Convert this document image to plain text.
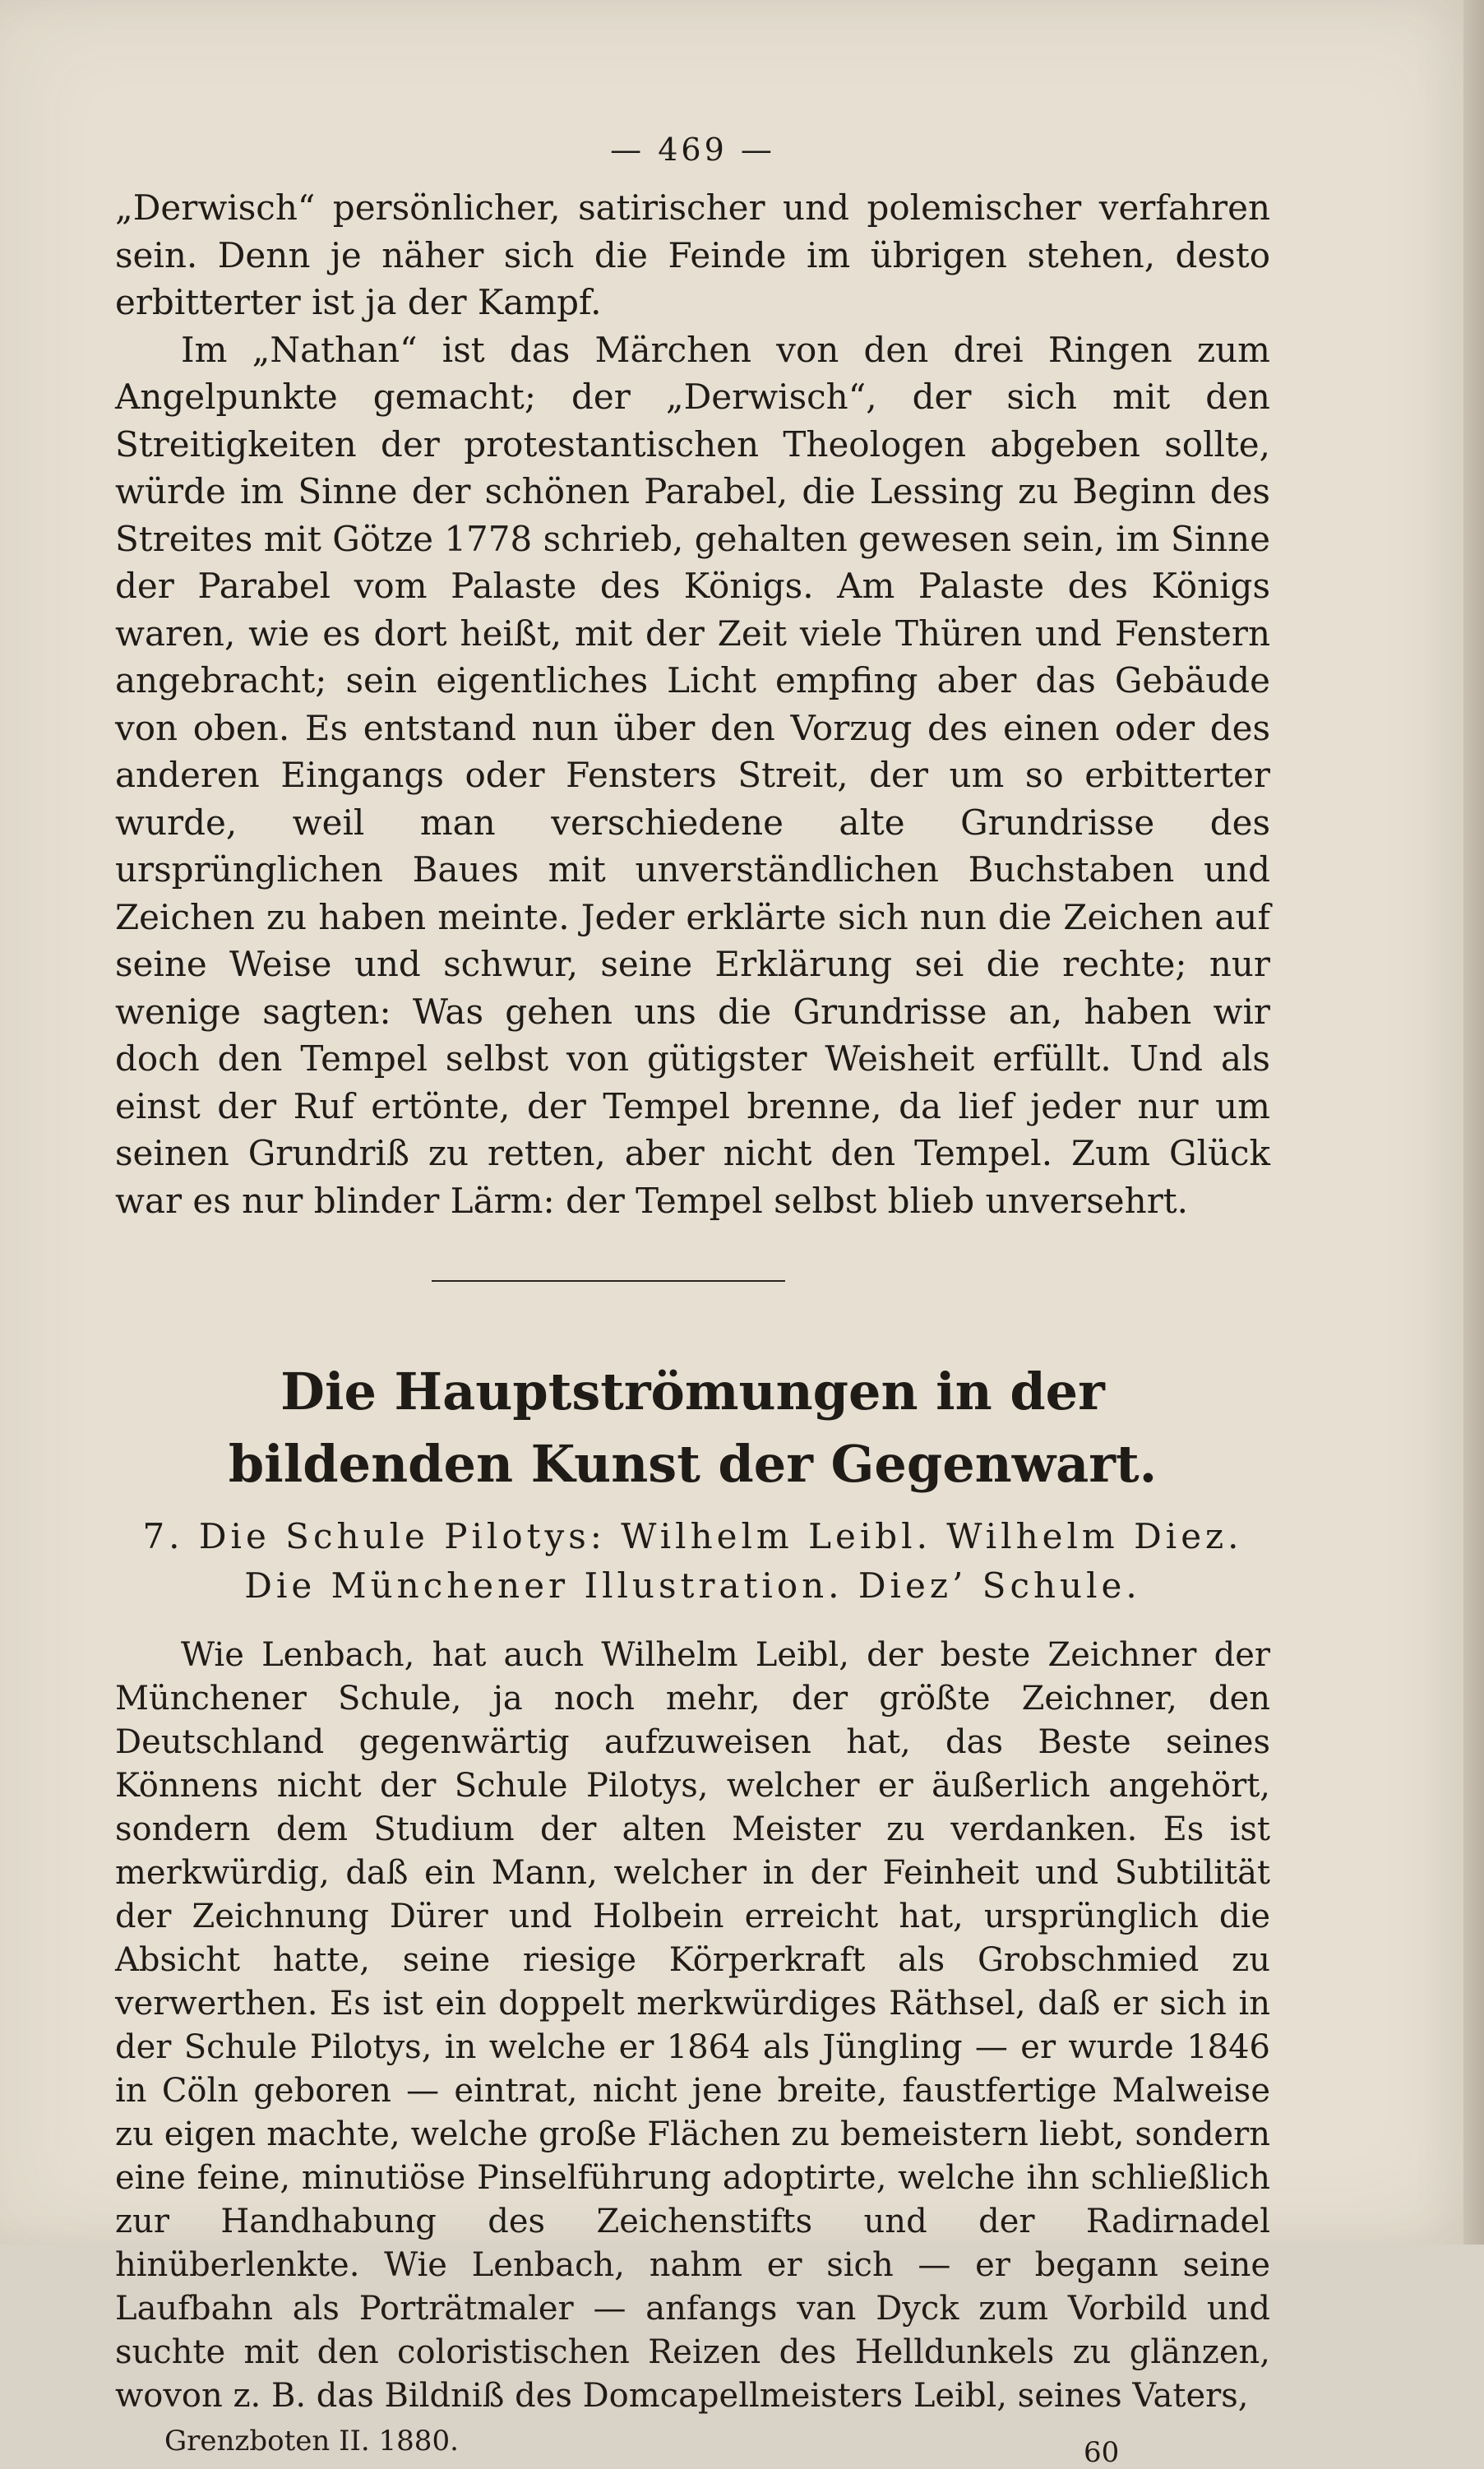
— 469 —

„Derwisch“ persönlicher, satirischer und polemischer verfahren sein. Denn je näher sich die Feinde im übrigen stehen, desto erbitterter ist ja der Kampf.

Im „Nathan“ ist das Märchen von den drei Ringen zum Angelpunkte gemacht; der „Derwisch“, der sich mit den Streitigkeiten der protestantischen Theologen abgeben sollte, würde im Sinne der schönen Parabel, die Lessing zu Beginn des Streites mit Götze 1778 schrieb, gehalten gewesen sein, im Sinne der Parabel vom Palaste des Königs. Am Palaste des Königs waren, wie es dort heißt, mit der Zeit viele Thüren und Fenstern angebracht; sein eigentliches Licht empfing aber das Gebäude von oben. Es entstand nun über den Vorzug des einen oder des anderen Eingangs oder Fensters Streit, der um so erbitterter wurde, weil man verschiedene alte Grundrisse des ursprünglichen Baues mit unverständlichen Buchstaben und Zeichen zu haben meinte. Jeder erklärte sich nun die Zeichen auf seine Weise und schwur, seine Erklärung sei die rechte; nur wenige sagten: Was gehen uns die Grundrisse an, haben wir doch den Tempel selbst von gütigster Weisheit erfüllt. Und als einst der Ruf ertönte, der Tempel brenne, da lief jeder nur um seinen Grundriß zu retten, aber nicht den Tempel. Zum Glück war es nur blinder Lärm: der Tempel selbst blieb unversehrt.

Die Hauptströmungen in der bildenden Kunst der Gegenwart.
7. Die Schule Pilotys: Wilhelm Leibl. Wilhelm Diez. Die Münchener Illustration. Diez’ Schule.

Wie Lenbach, hat auch Wilhelm Leibl, der beste Zeichner der Münchener Schule, ja noch mehr, der größte Zeichner, den Deutschland gegenwärtig aufzuweisen hat, das Beste seines Könnens nicht der Schule Pilotys, welcher er äußerlich angehört, sondern dem Studium der alten Meister zu verdanken. Es ist merkwürdig, daß ein Mann, welcher in der Feinheit und Subtilität der Zeichnung Dürer und Holbein erreicht hat, ursprünglich die Absicht hatte, seine riesige Körperkraft als Grobschmied zu verwerthen. Es ist ein doppelt merkwürdiges Räthsel, daß er sich in der Schule Pilotys, in welche er 1864 als Jüngling — er wurde 1846 in Cöln geboren — eintrat, nicht jene breite, faustfertige Malweise zu eigen machte, welche große Flächen zu bemeistern liebt, sondern eine feine, minutiöse Pinselführung adoptirte, welche ihn schließlich zur Handhabung des Zeichenstifts und der Radirnadel hinüberlenkte. Wie Lenbach, nahm er sich — er begann seine Laufbahn als Porträtmaler — anfangs van Dyck zum Vorbild und suchte mit den coloristischen Reizen des Helldunkels zu glänzen, wovon z. B. das Bildniß des Domcapellmeisters Leibl, seines Vaters,

Grenzboten II. 1880.	60
